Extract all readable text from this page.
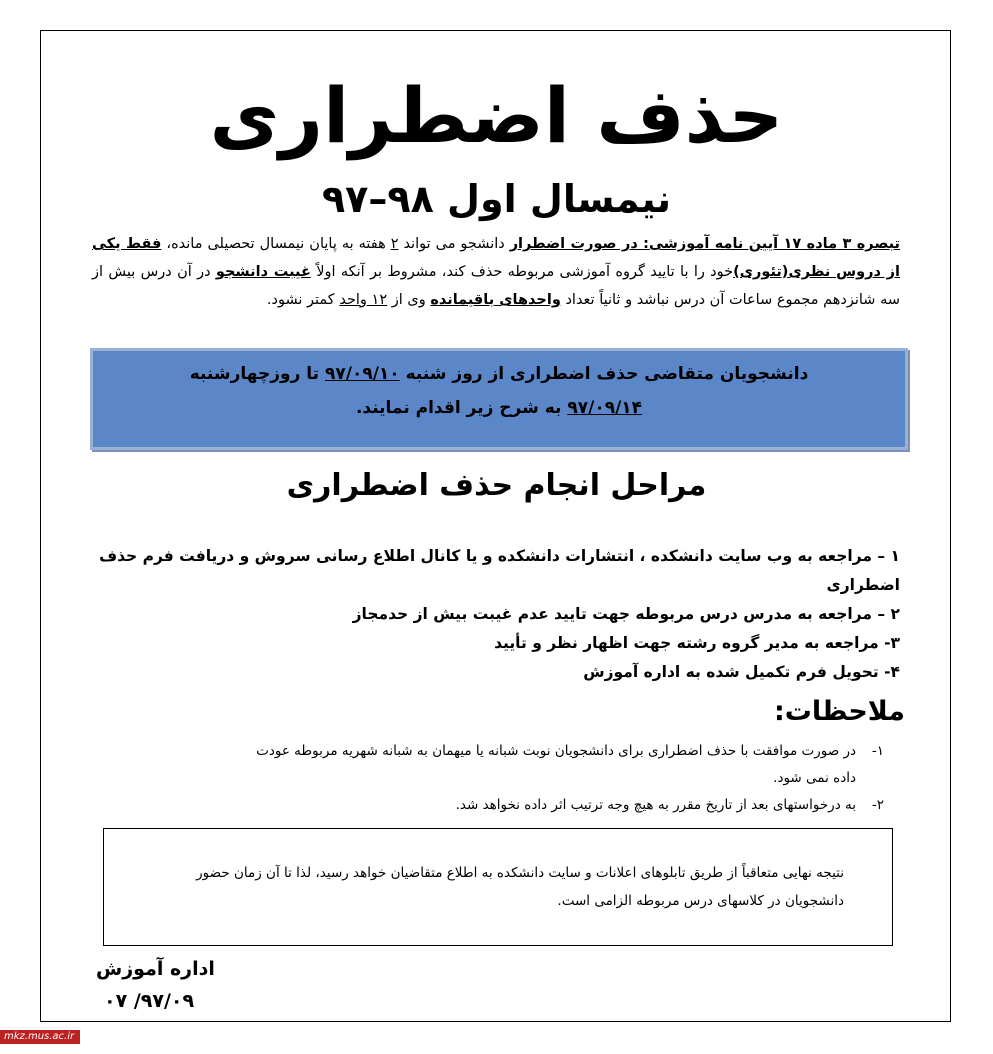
حذف اضطراری
نیمسال اول ۹۸–۹۷
تبصره ۳ ماده ۱۷ آیین نامه آموزشی: در صورت اضطرار دانشجو می تواند ۲ هفته به پایان نیمسال تحصیلی مانده، فقط یکی از دروس نظری(تئوری)خود را با تایید گروه آموزشی مربوطه حذف کند، مشروط بر آنکه اولاً غیبت دانشجو در آن درس بیش از سه شانزدهم مجموع ساعات آن درس نباشد و ثانیاً تعداد واحدهای باقیمانده وی از ۱۲ واحد کمتر نشود.
دانشجویان متقاضی حذف اضطراری از روز شنبه ۹۷/۰۹/۱۰ تا روزچهارشنبه
۹۷/۰۹/۱۴ به شرح زیر اقدام نمایند.
مراحل انجام حذف اضطراری
۱ – مراجعه به وب سایت دانشکده ، انتشارات دانشکده و یا کانال اطلاع رسانی سروش و دریافت فرم حذف اضطراری
۲ – مراجعه به مدرس درس مربوطه جهت تایید عدم غیبت بیش از حدمجاز
۳- مراجعه به مدیر گروه رشته جهت اظهار نظر و تأیید
۴- تحویل فرم تکمیل شده به اداره آموزش
ملاحظات:
۱-در صورت موافقت با حذف اضطراری برای دانشجویان نوبت شبانه یا میهمان به شبانه شهریه مربوطه عودت
داده نمی شود.
۲-به درخواستهای بعد از تاریخ مقرر به هیچ وجه ترتیب اثر داده نخواهد شد.
نتیجه نهایی متعاقباً از طریق تابلوهای اعلانات و سایت دانشکده به اطلاع متقاضیان خواهد رسید، لذا تا آن زمان حضور دانشجویان در کلاسهای درس مربوطه الزامی است.
اداره آموزش
۹۷/۰۹/ ۰۷
mkz.mus.ac.ir
